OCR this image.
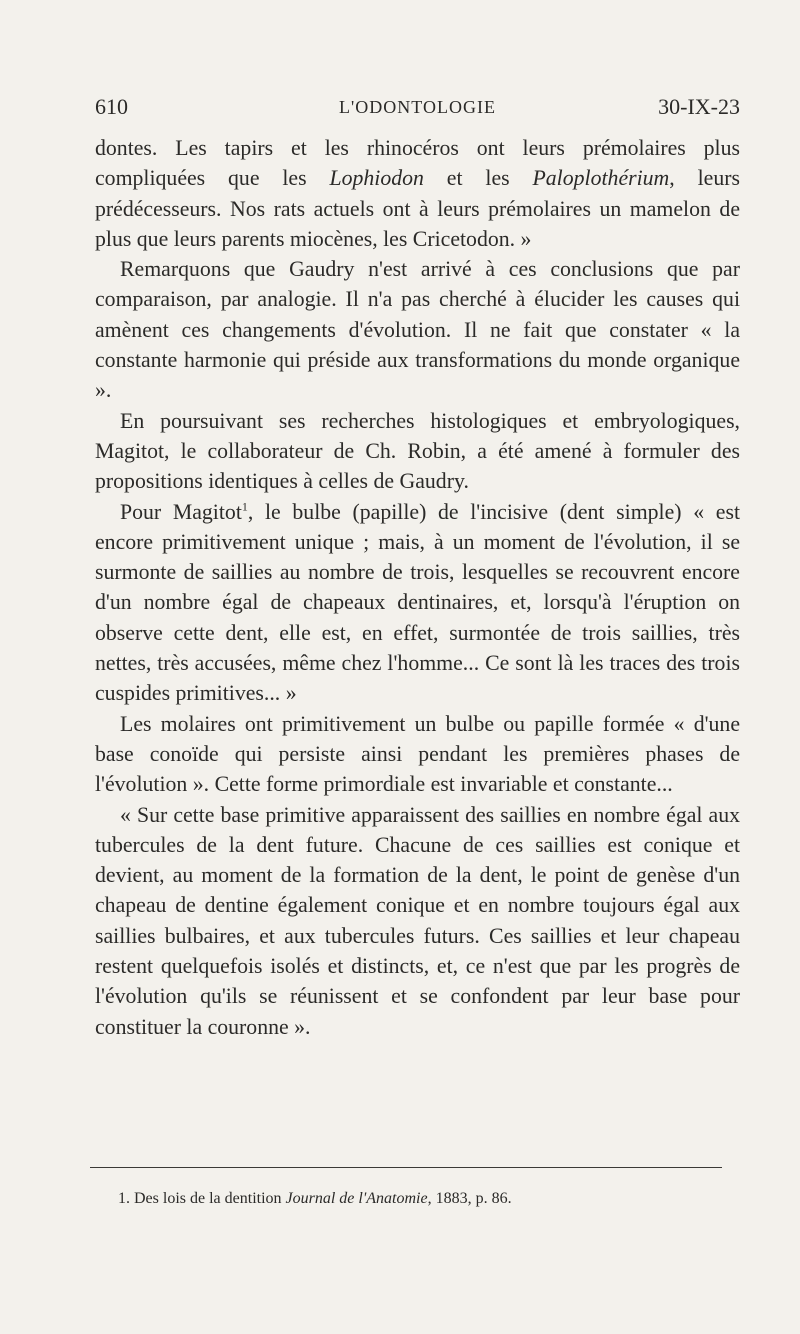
610	L'ODONTOLOGIE	30-IX-23

dontes. Les tapirs et les rhinocéros ont leurs prémolaires plus compliquées que les Lophiodon et les Paloplothérium, leurs prédécesseurs. Nos rats actuels ont à leurs prémolaires un mamelon de plus que leurs parents miocènes, les Cricetodon. »

Remarquons que Gaudry n'est arrivé à ces conclusions que par comparaison, par analogie. Il n'a pas cherché à élucider les causes qui amènent ces changements d'évolution. Il ne fait que constater « la constante harmonie qui préside aux transformations du monde organique ».

En poursuivant ses recherches histologiques et embryologiques, Magitot, le collaborateur de Ch. Robin, a été amené à formuler des propositions identiques à celles de Gaudry.

Pour Magitot$^1$, le bulbe (papille) de l'incisive (dent simple) « est encore primitivement unique ; mais, à un moment de l'évolution, il se surmonte de saillies au nombre de trois, lesquelles se recouvrent encore d'un nombre égal de chapeaux dentinaires, et, lorsqu'à l'éruption on observe cette dent, elle est, en effet, surmontée de trois saillies, très nettes, très accusées, même chez l'homme... Ce sont là les traces des trois cuspides primitives... »

Les molaires ont primitivement un bulbe ou papille formée « d'une base conoïde qui persiste ainsi pendant les premières phases de l'évolution ». Cette forme primordiale est invariable et constante...

« Sur cette base primitive apparaissent des saillies en nombre égal aux tubercules de la dent future. Chacune de ces saillies est conique et devient, au moment de la formation de la dent, le point de genèse d'un chapeau de dentine également conique et en nombre toujours égal aux saillies bulbaires, et aux tubercules futurs. Ces saillies et leur chapeau restent quelquefois isolés et distincts, et, ce n'est que par les progrès de l'évolution qu'ils se réunissent et se confondent par leur base pour constituer la couronne ».

1. Des lois de la dentition Journal de l'Anatomie, 1883, p. 86.
